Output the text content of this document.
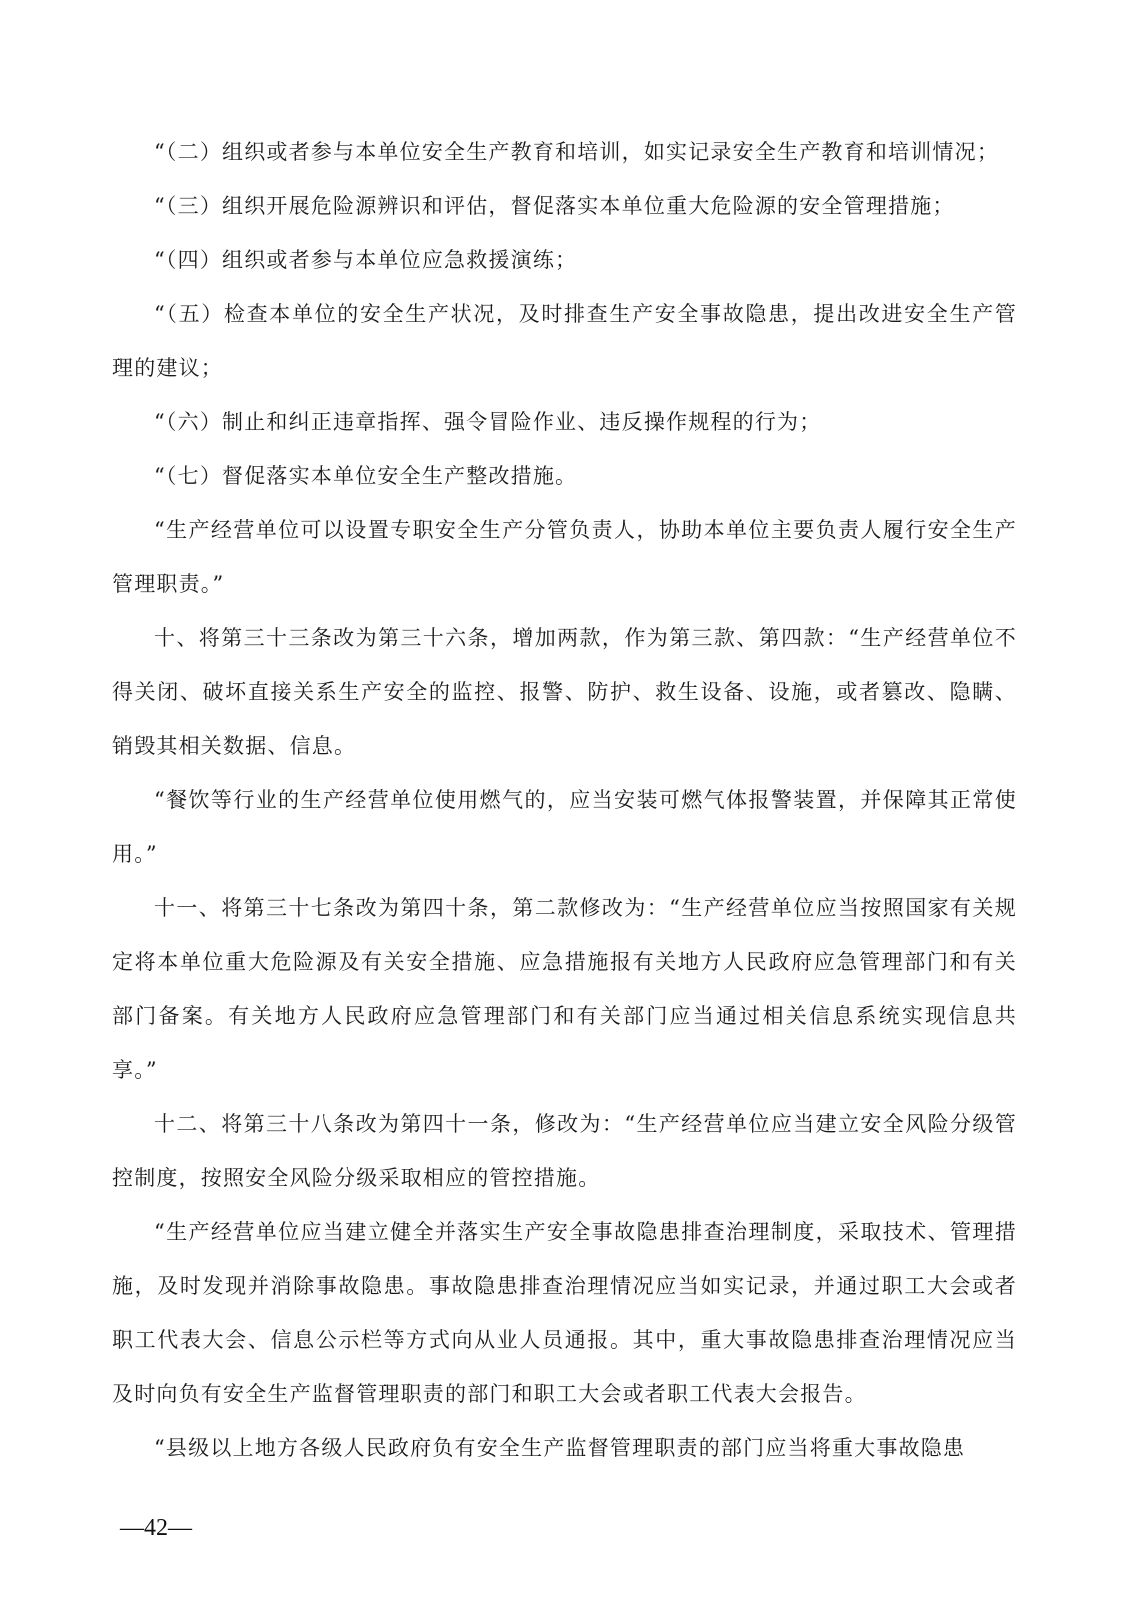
“（二）组织或者参与本单位安全生产教育和培训，如实记录安全生产教育和培训情况；

“（三）组织开展危险源辨识和评估，督促落实本单位重大危险源的安全管理措施；

“（四）组织或者参与本单位应急救援演练；

“（五）检查本单位的安全生产状况，及时排查生产安全事故隐患，提出改进安全生产管理的建议；

“（六）制止和纠正违章指挥、强令冒险作业、违反操作规程的行为；

“（七）督促落实本单位安全生产整改措施。

“生产经营单位可以设置专职安全生产分管负责人，协助本单位主要负责人履行安全生产管理职责。”

十、将第三十三条改为第三十六条，增加两款，作为第三款、第四款：“生产经营单位不得关闭、破坏直接关系生产安全的监控、报警、防护、救生设备、设施，或者篡改、隐瞒、销毁其相关数据、信息。

“餐饮等行业的生产经营单位使用燃气的，应当安装可燃气体报警装置，并保障其正常使用。”

十一、将第三十七条改为第四十条，第二款修改为：“生产经营单位应当按照国家有关规定将本单位重大危险源及有关安全措施、应急措施报有关地方人民政府应急管理部门和有关部门备案。有关地方人民政府应急管理部门和有关部门应当通过相关信息系统实现信息共享。”

十二、将第三十八条改为第四十一条，修改为：“生产经营单位应当建立安全风险分级管控制度，按照安全风险分级采取相应的管控措施。

“生产经营单位应当建立健全并落实生产安全事故隐患排查治理制度，采取技术、管理措施，及时发现并消除事故隐患。事故隐患排查治理情况应当如实记录，并通过职工大会或者职工代表大会、信息公示栏等方式向从业人员通报。其中，重大事故隐患排查治理情况应当及时向负有安全生产监督管理职责的部门和职工大会或者职工代表大会报告。

“县级以上地方各级人民政府负有安全生产监督管理职责的部门应当将重大事故隐患

—42—
